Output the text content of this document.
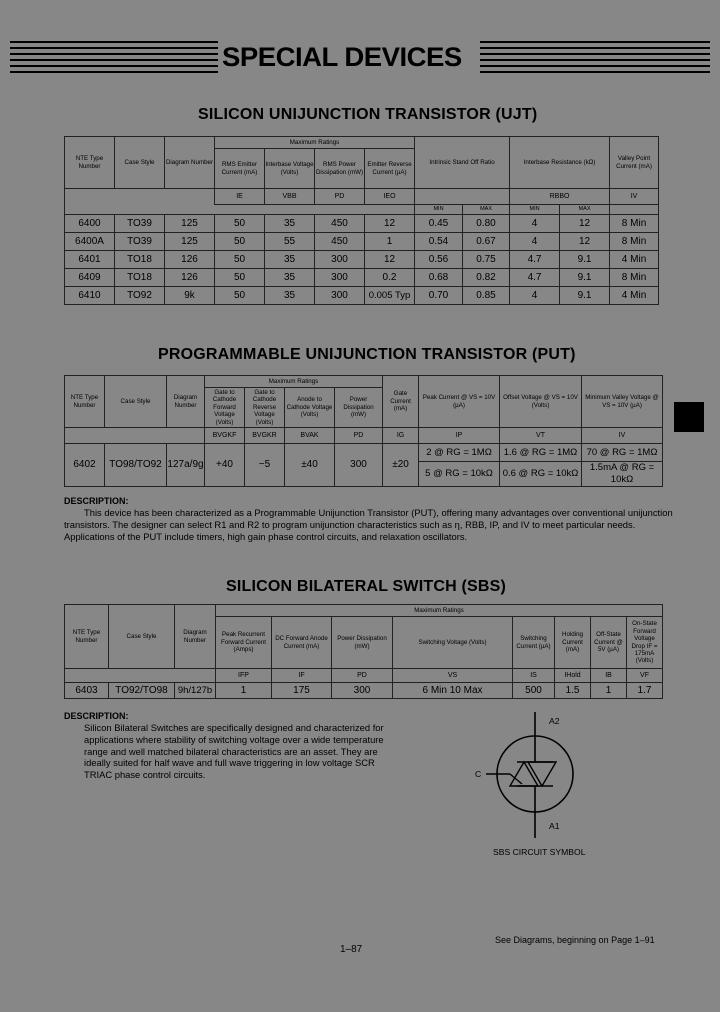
SPECIAL DEVICES
SILICON UNIJUNCTION TRANSISTOR (UJT)
NTE Type Number	Case Style	Diagram Number	Maximum Ratings				Intrinsic Stand Off Ratio		Interbase Resistance (kΩ)		Valley Point Current (mA)
			RMS Emitter Current (mA)	Interbase Voltage (Volts)	RMS Power Dissipation (mW)	Emitter Reverse Current (µA)					
			IE	VBB	PD	IEO			RBBO		IV
							MIN	MAX	MIN	MAX	
6400	TO39	125	50	35	450	12	0.45	0.80	4	12	8 Min
6400A	TO39	125	50	55	450	1	0.54	0.67	4	12	8 Min
6401	TO18	126	50	35	300	12	0.56	0.75	4.7	9.1	4 Min
6409	TO18	126	50	35	300	0.2	0.68	0.82	4.7	9.1	8 Min
6410	TO92	9k	50	35	300	0.005 Typ	0.70	0.85	4	9.1	4 Min
PROGRAMMABLE UNIJUNCTION TRANSISTOR (PUT)
NTE Type Number	Case Style	Diagram Number	Maximum Ratings				Gate Current (mA)	Peak Current @ VS = 10V (µA)	Offset Voltage @ VS = 10V (Volts)	Minimum Valley Voltage @ VS = 10V (µA)
			Gate to Cathode Forward Voltage (Volts)	Gate to Cathode Reverse Voltage (Volts)	Anode to Cathode Voltage (Volts)	Power Dissipation (mW)				
			BVGKF	BVGKR	BVAK	PD	IG	IP	VT	IV
6402	TO98/TO92	127a/9g	+40	−5	±40	300	±20	2 @ RG = 1MΩ	1.6 @ RG = 1MΩ	70 @ RG = 1MΩ
								5 @ RG = 10kΩ	0.6 @ RG = 10kΩ	1.5mA @ RG = 10kΩ
DESCRIPTION:
This device has been characterized as a Programmable Unijunction Transistor (PUT), offering many advantages over conventional unijunction
transistors. The designer can select R1 and R2 to program unijunction characteristics such as η, RBB, IP, and IV to meet particular needs.
Applications of the PUT include timers, high gain phase control circuits, and relaxation oscillators.
SILICON BILATERAL SWITCH (SBS)
NTE Type Number	Case Style	Diagram Number	Maximum Ratings							
			Peak Recurrent Forward Current (Amps)	DC Forward Anode Current (mA)	Power Dissipation (mW)	Switching Voltage (Volts)	Switching Current (µA)	Holding Current (mA)	Off-State Current @ 5V (µA)	On-State Forward Voltage Drop IF = 175mA (Volts)
			IFP	IF	PD	VS	IS	IHold	IB	VF
6403	TO92/TO98	9h/127b	1	175	300	6 Min 10 Max	500	1.5	1	1.7
DESCRIPTION:
Silicon Bilateral Switches are specifically designed and characterized for
applications where stability of switching voltage over a wide temperature
range and well matched bilateral characteristics are an asset. They are
ideally suited for half wave and full wave triggering in low voltage SCR
TRIAC phase control circuits.
A2
C
A1
SBS CIRCUIT SYMBOL
See Diagrams, beginning on Page 1–91
1–87
